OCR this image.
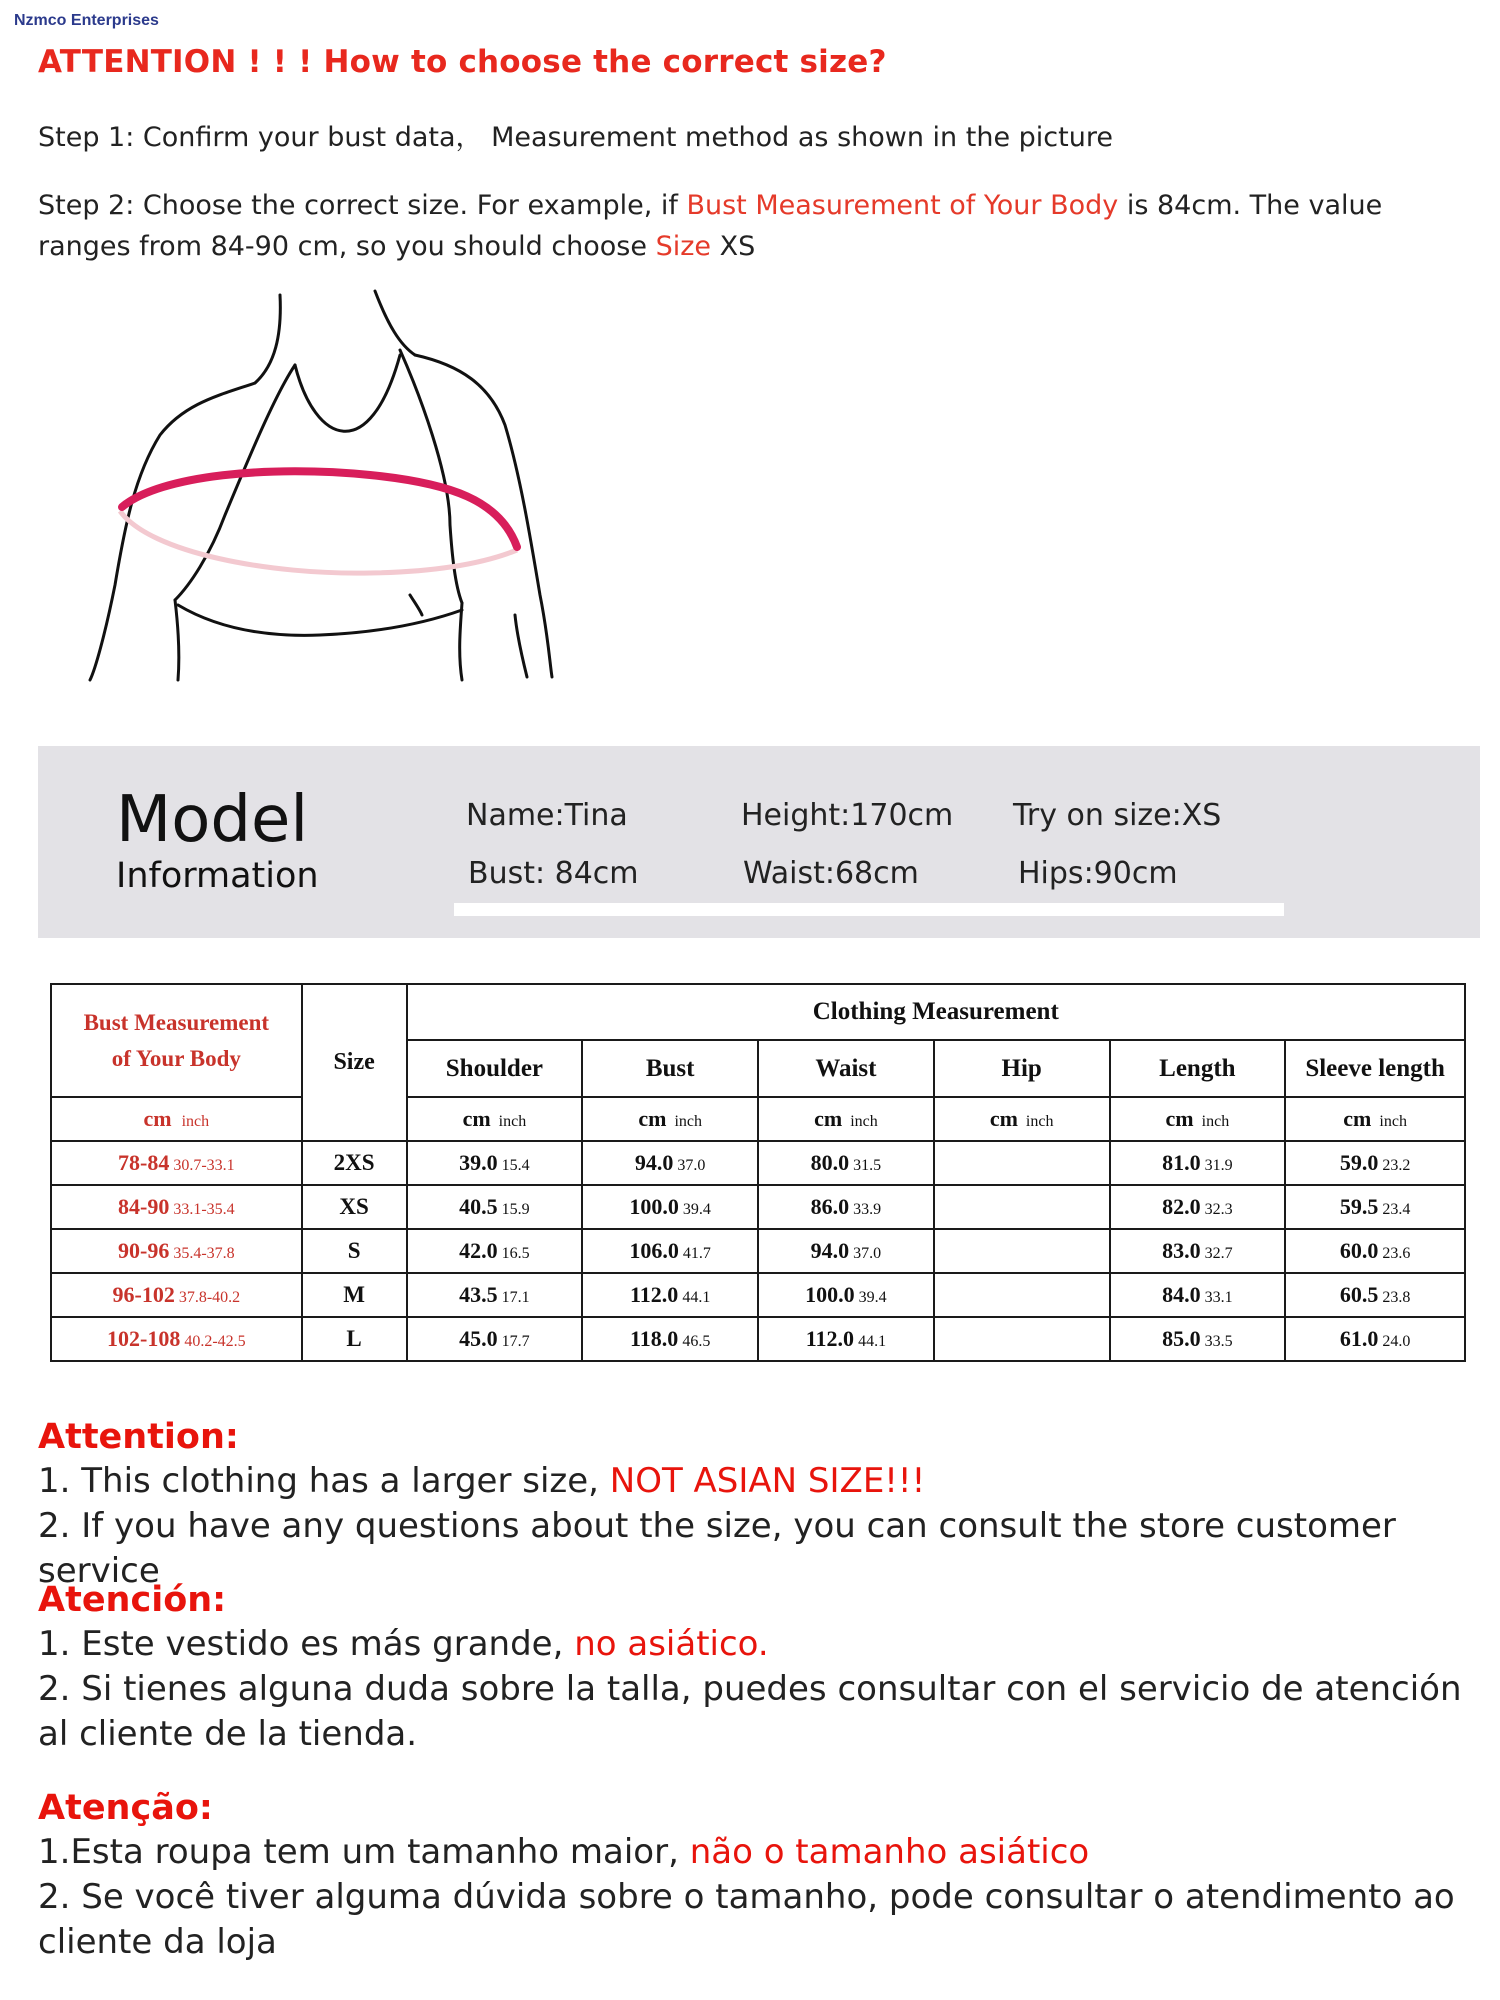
Nzmco Enterprises
ATTENTION ! ! ! How to choose the correct size?
Step 1: Confirm your bust data， Measurement method as shown in the picture
Step 2: Choose the correct size. For example, if Bust Measurement of Your Body is 84cm. The value ranges from 84-90 cm, so you should choose Size XS
Model
Information
Name:Tina	Height:170cm Try on size:XS
Bust: 84cm	Waist:68cm	Hips:90cm
Bust Measurement
of Your Body	Size	Clothing Measurement					
		Shoulder	Bust	Waist	Hip	Length	Sleeve length
cm inch		cm inch	cm inch	cm inch	cm inch	cm inch	cm inch
78-84 30.7-33.1	2XS	39.0 15.4	94.0 37.0	80.0 31.5		81.0 31.9	59.0 23.2
84-90 33.1-35.4	XS	40.5 15.9	100.0 39.4	86.0 33.9		82.0 32.3	59.5 23.4
90-96 35.4-37.8	S	42.0 16.5	106.0 41.7	94.0 37.0		83.0 32.7	60.0 23.6
96-102 37.8-40.2	M	43.5 17.1	112.0 44.1	100.0 39.4		84.0 33.1	60.5 23.8
102-108 40.2-42.5	L	45.0 17.7	118.0 46.5	112.0 44.1		85.0 33.5	61.0 24.0
Attention:
1. This clothing has a larger size, NOT ASIAN SIZE!!!
2. If you have any questions about the size, you can consult the store customer service
Atención:
1. Este vestido es más grande, no asiático.
2. Si tienes alguna duda sobre la talla, puedes consultar con el servicio de atención al cliente de la tienda.
Atenção:
1.Esta roupa tem um tamanho maior, não o tamanho asiático
2. Se você tiver alguma dúvida sobre o tamanho, pode consultar o atendimento ao cliente da loja
